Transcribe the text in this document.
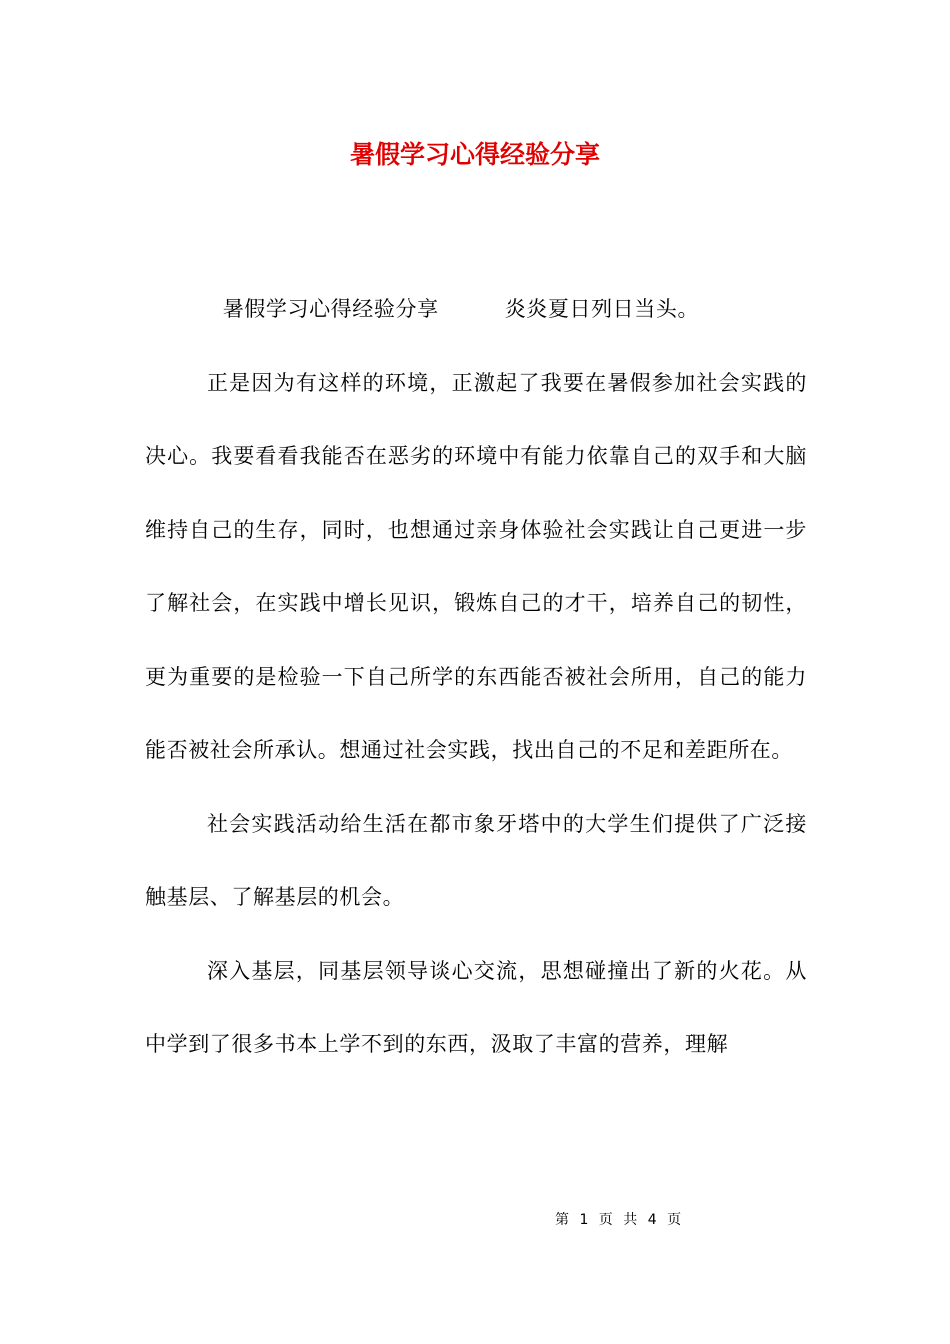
暑假学习心得经验分享

暑假学习心得经验分享	炎炎夏日列日当头。

正是因为有这样的环境，正激起了我要在暑假参加社会实践的决心。我要看看我能否在恶劣的环境中有能力依靠自己的双手和大脑维持自己的生存，同时，也想通过亲身体验社会实践让自己更进一步了解社会，在实践中增长见识，锻炼自己的才干，培养自己的韧性，更为重要的是检验一下自己所学的东西能否被社会所用，自己的能力能否被社会所承认。想通过社会实践，找出自己的不足和差距所在。

社会实践活动给生活在都市象牙塔中的大学生们提供了广泛接触基层、了解基层的机会。

深入基层，同基层领导谈心交流，思想碰撞出了新的火花。从中学到了很多书本上学不到的东西，汲取了丰富的营养，理解

第 1 页 共 4 页
